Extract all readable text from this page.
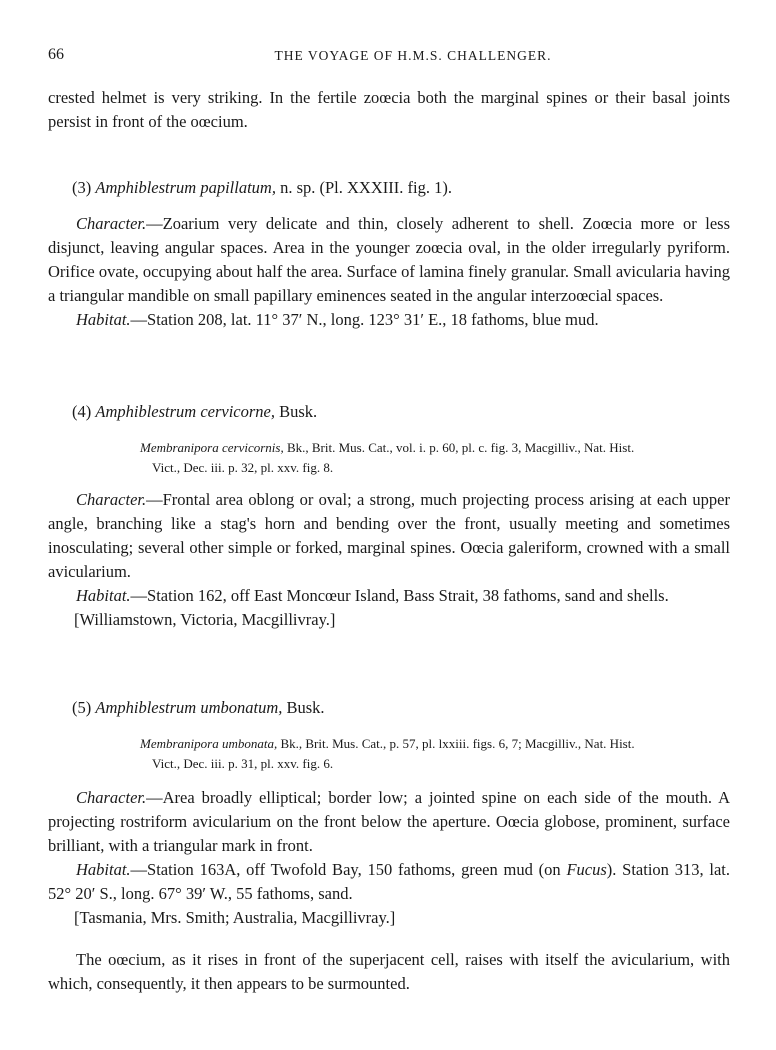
66	THE VOYAGE OF H.M.S. CHALLENGER.

crested helmet is very striking. In the fertile zoœcia both the marginal spines or their basal joints persist in front of the oœcium.

(3) Amphiblestrum papillatum, n. sp. (Pl. XXXIII. fig. 1).

Character.—Zoarium very delicate and thin, closely adherent to shell. Zoœcia more or less disjunct, leaving angular spaces. Area in the younger zoœcia oval, in the older irregularly pyriform. Orifice ovate, occupying about half the area. Surface of lamina finely granular. Small avicularia having a triangular mandible on small papillary eminences seated in the angular interzoœcial spaces.

Habitat.—Station 208, lat. 11° 37′ N., long. 123° 31′ E., 18 fathoms, blue mud.

(4) Amphiblestrum cervicorne, Busk.

Membranipora cervicornis, Bk., Brit. Mus. Cat., vol. i. p. 60, pl. c. fig. 3, Macgilliv., Nat. Hist.
Vict., Dec. iii. p. 32, pl. xxv. fig. 8.

Character.—Frontal area oblong or oval; a strong, much projecting process arising at each upper angle, branching like a stag's horn and bending over the front, usually meeting and sometimes inosculating; several other simple or forked, marginal spines. Oœcia galeriform, crowned with a small avicularium.

Habitat.—Station 162, off East Moncœur Island, Bass Strait, 38 fathoms, sand and shells.

[Williamstown, Victoria, Macgillivray.]

(5) Amphiblestrum umbonatum, Busk.

Membranipora umbonata, Bk., Brit. Mus. Cat., p. 57, pl. lxxiii. figs. 6, 7; Macgilliv., Nat. Hist.
Vict., Dec. iii. p. 31, pl. xxv. fig. 6.

Character.—Area broadly elliptical; border low; a jointed spine on each side of the mouth. A projecting rostriform avicularium on the front below the aperture. Oœcia globose, prominent, surface brilliant, with a triangular mark in front.

Habitat.—Station 163A, off Twofold Bay, 150 fathoms, green mud (on Fucus). Station 313, lat. 52° 20′ S., long. 67° 39′ W., 55 fathoms, sand.

[Tasmania, Mrs. Smith; Australia, Macgillivray.]

The oœcium, as it rises in front of the superjacent cell, raises with itself the avicularium, with which, consequently, it then appears to be surmounted.
